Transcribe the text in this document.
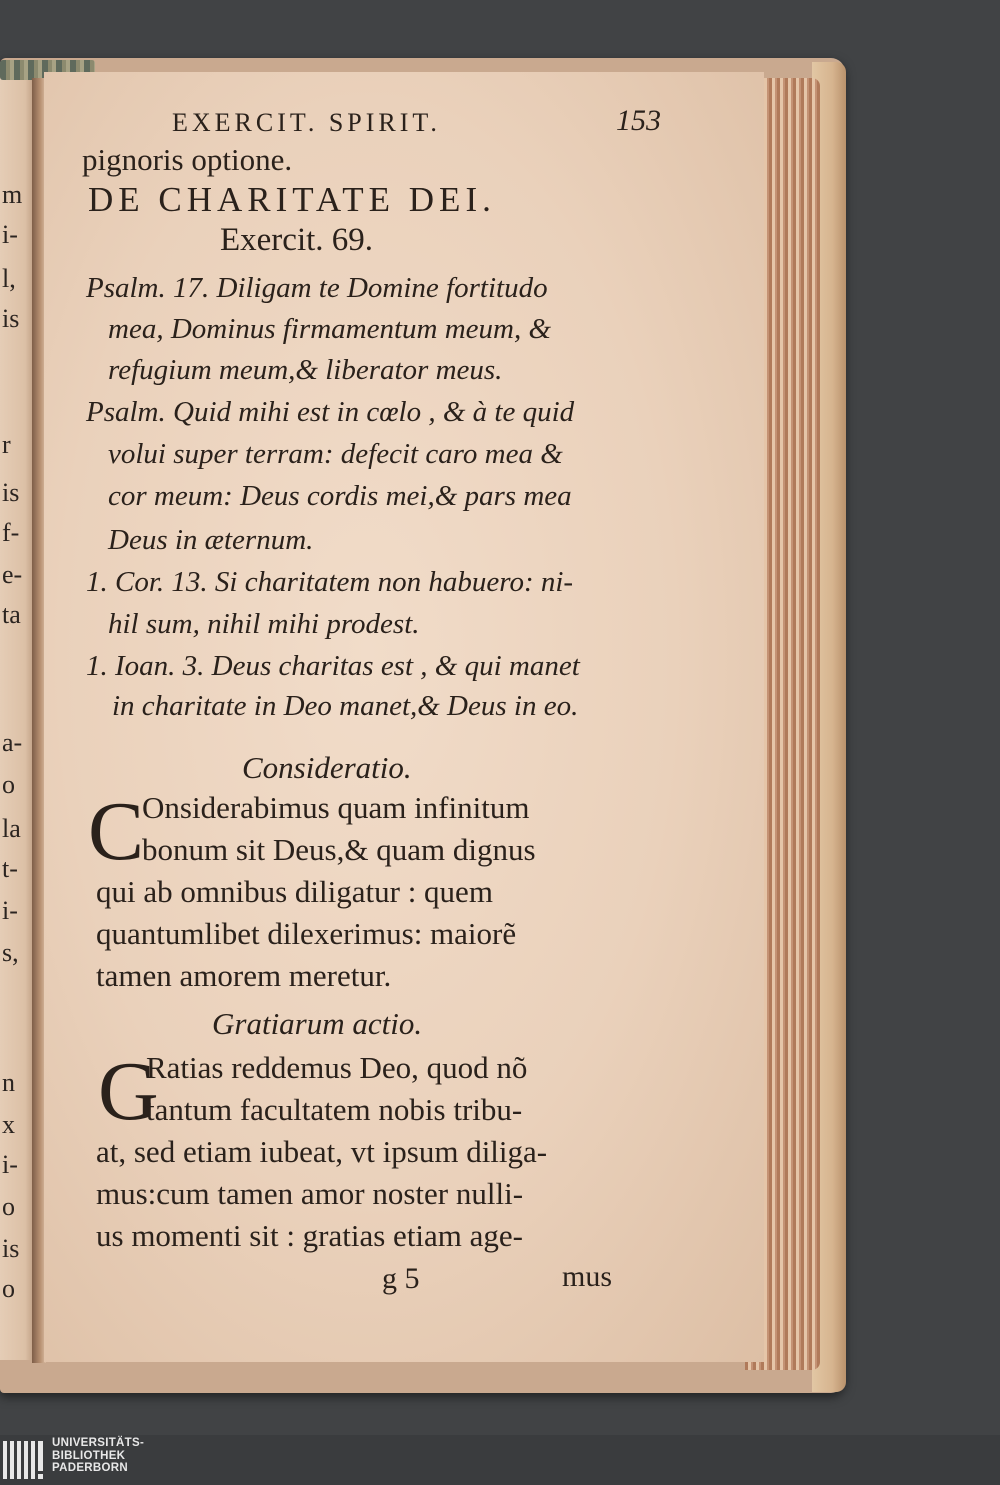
m
i-
l,
is
r
is
f-
e-
ta
a-
o
la
t-
i-
s,
n
x
i-
o
is
o
EXERCIT. SPIRIT.	153
pignoris optione.
DE CHARITATE DEI.
Exercit. 69.
Psalm. 17. Diligam te Domine fortitudo
mea, Dominus firmamentum meum, &
refugium meum,& liberator meus.
Psalm. Quid mihi est in cœlo , & à te quid
volui super terram: defecit caro mea &
cor meum: Deus cordis mei,& pars mea
Deus in æternum.
1. Cor. 13. Si charitatem non habuero: ni-
hil sum, nihil mihi prodest.
1. Ioan. 3. Deus charitas est , & qui manet
in charitate in Deo manet,& Deus in eo.
Consideratio.
C
Onsiderabimus quam infinitum
bonum sit Deus,& quam dignus
qui ab omnibus diligatur : quem
quantumlibet dilexerimus: maiorẽ
tamen amorem meretur.
Gratiarum actio.
G
Ratias reddemus Deo, quod nõ
tantum facultatem nobis tribu-
at, sed etiam iubeat, vt ipsum diliga-
mus:cum tamen amor noster nulli-
us momenti sit : gratias etiam age-
g 5	mus
UNIVERSITÄTS-
BIBLIOTHEK
PADERBORN
